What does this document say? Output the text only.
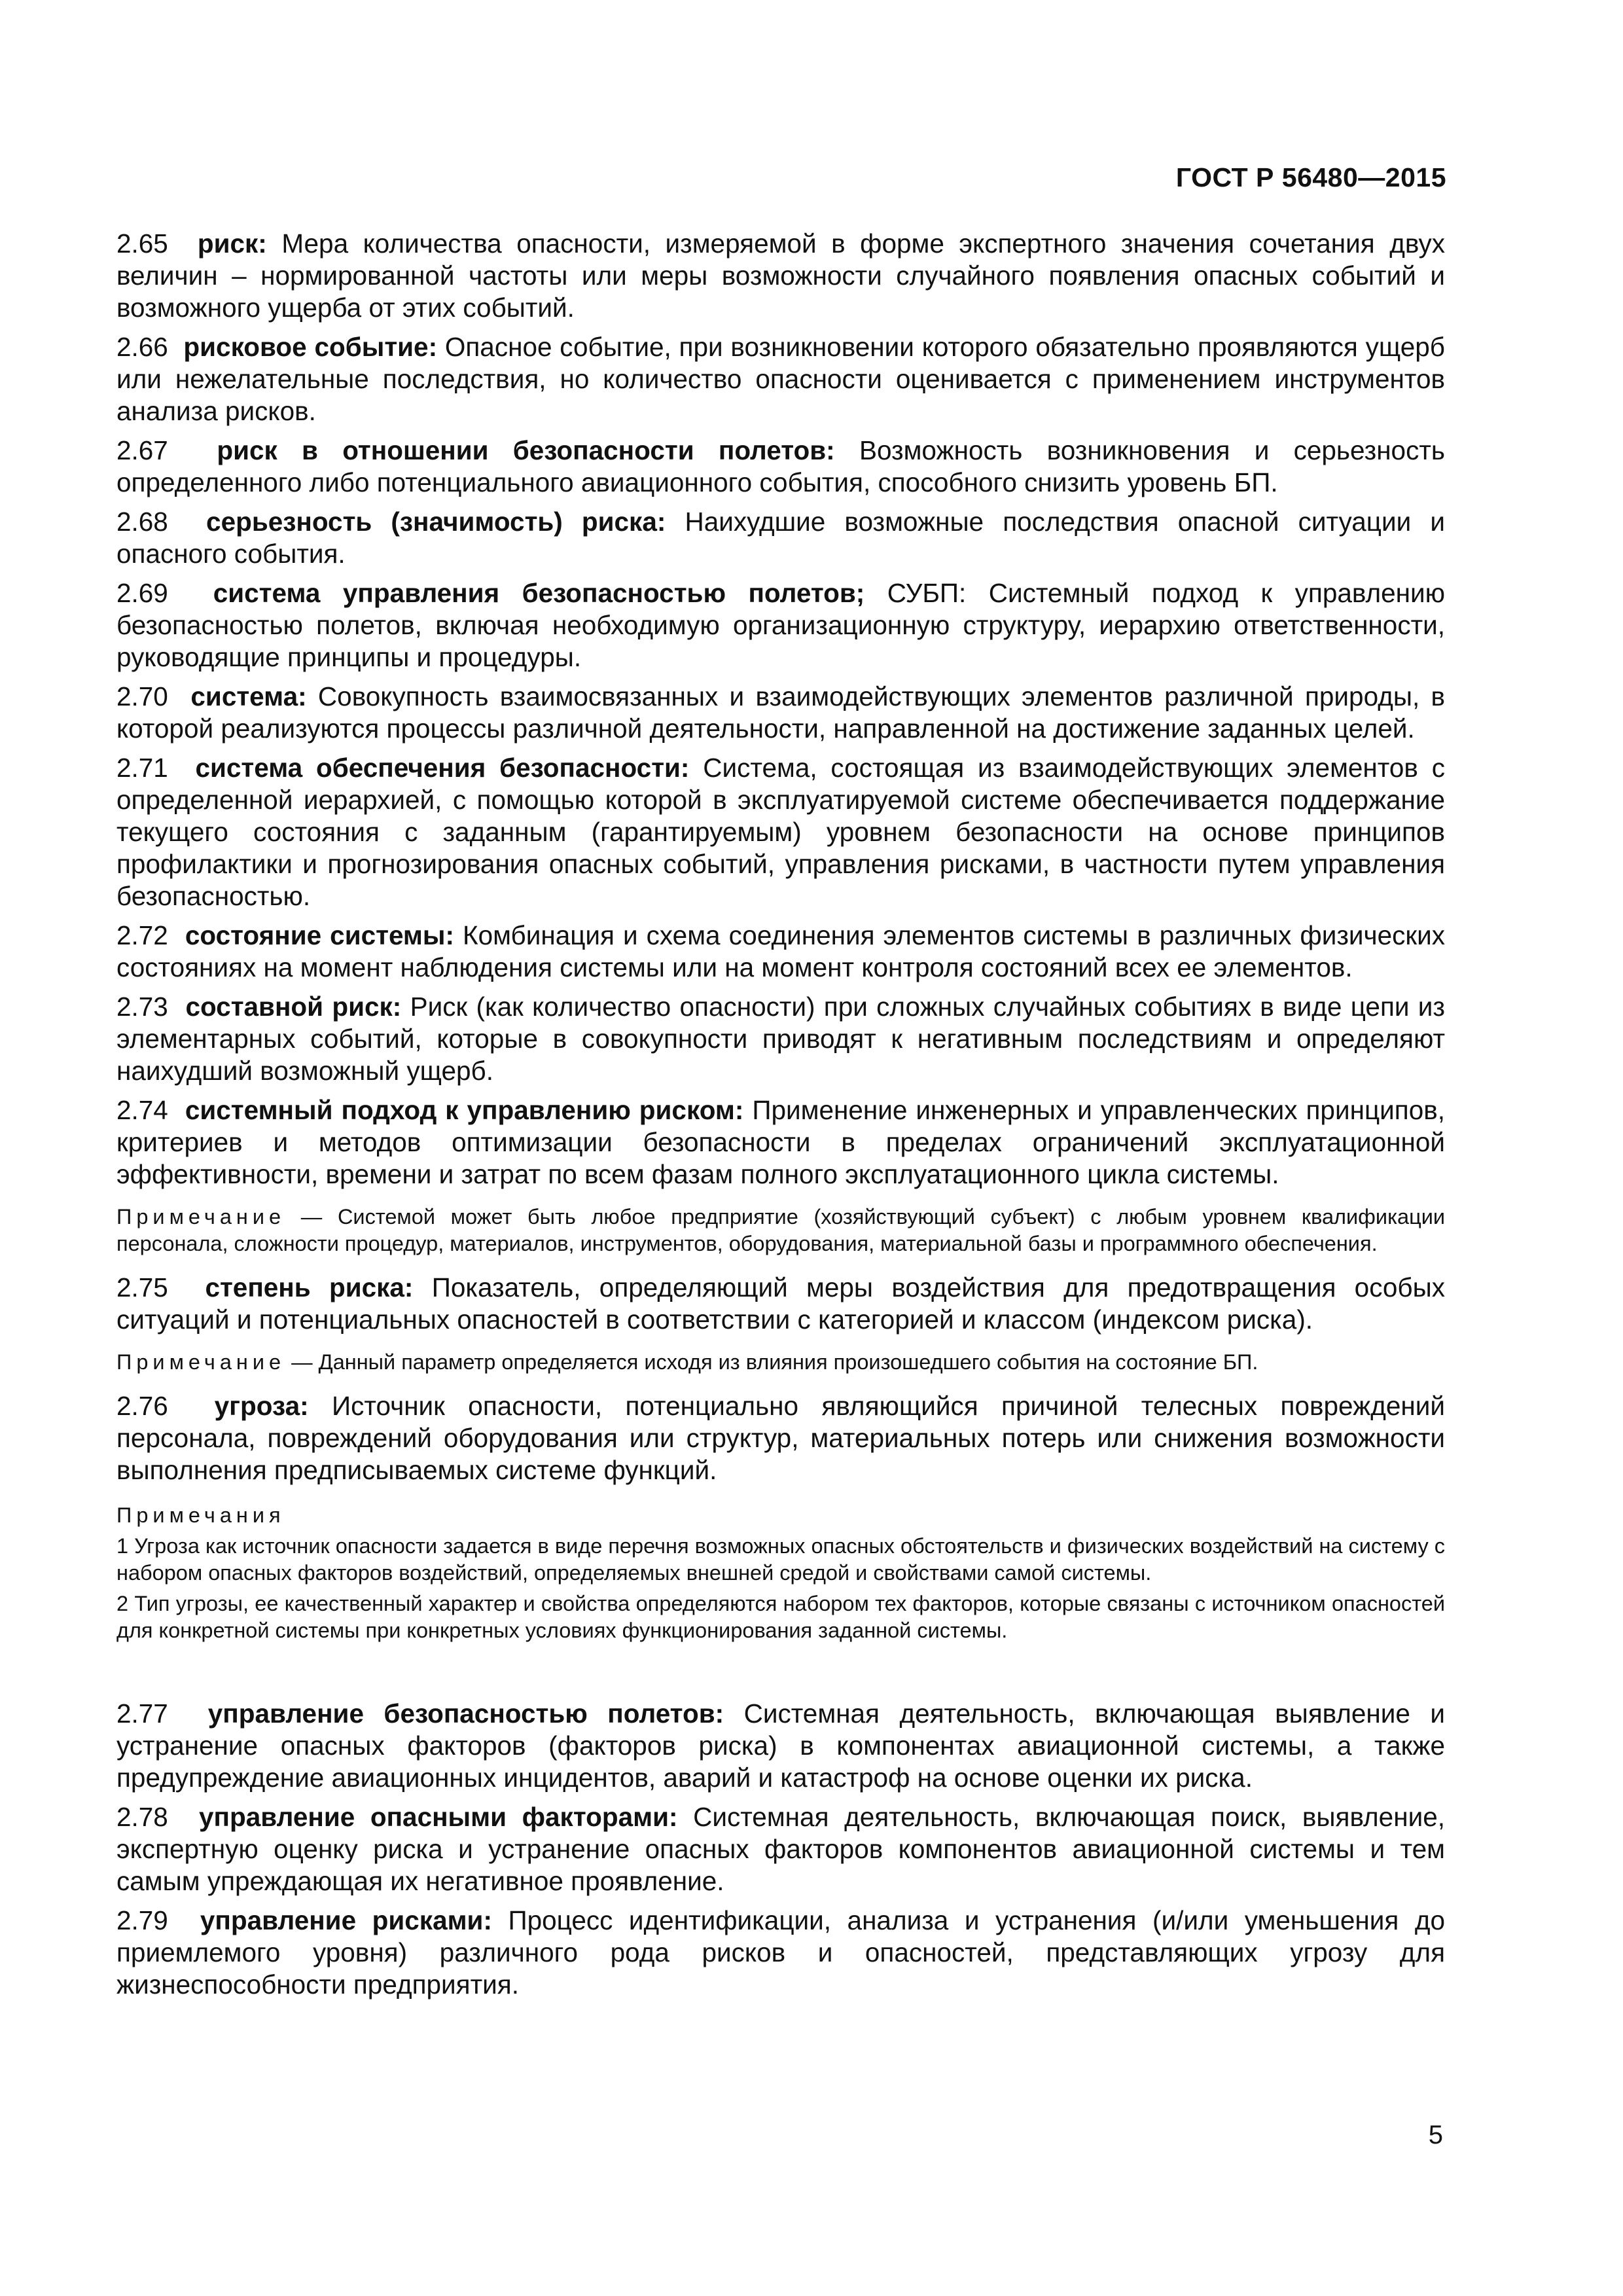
ГОСТ Р 56480—2015
2.65 риск: Мера количества опасности, измеряемой в форме экспертного значения сочетания двух величин – нормированной частоты или меры возможности случайного появления опасных событий и возможного ущерба от этих событий.
2.66 рисковое событие: Опасное событие, при возникновении которого обязательно проявляются ущерб или нежелательные последствия, но количество опасности оценивается с применением инструментов анализа рисков.
2.67 риск в отношении безопасности полетов: Возможность возникновения и серьезность определенного либо потенциального авиационного события, способного снизить уровень БП.
2.68 серьезность (значимость) риска: Наихудшие возможные последствия опасной ситуации и опасного события.
2.69 система управления безопасностью полетов; СУБП: Системный подход к управлению безопасностью полетов, включая необходимую организационную структуру, иерархию ответственности, руководящие принципы и процедуры.
2.70 система: Совокупность взаимосвязанных и взаимодействующих элементов различной природы, в которой реализуются процессы различной деятельности, направленной на достижение заданных целей.
2.71 система обеспечения безопасности: Система, состоящая из взаимодействующих элементов с определенной иерархией, с помощью которой в эксплуатируемой системе обеспечивается поддержание текущего состояния с заданным (гарантируемым) уровнем безопасности на основе принципов профилактики и прогнозирования опасных событий, управления рисками, в частности путем управления безопасностью.
2.72 состояние системы: Комбинация и схема соединения элементов системы в различных физических состояниях на момент наблюдения системы или на момент контроля состояний всех ее элементов.
2.73 составной риск: Риск (как количество опасности) при сложных случайных событиях в виде цепи из элементарных событий, которые в совокупности приводят к негативным последствиям и определяют наихудший возможный ущерб.
2.74 системный подход к управлению риском: Применение инженерных и управленческих принципов, критериев и методов оптимизации безопасности в пределах ограничений эксплуатационной эффективности, времени и затрат по всем фазам полного эксплуатационного цикла системы.
Примечание — Системой может быть любое предприятие (хозяйствующий субъект) с любым уровнем квалификации персонала, сложности процедур, материалов, инструментов, оборудования, материальной базы и программного обеспечения.
2.75 степень риска: Показатель, определяющий меры воздействия для предотвращения особых ситуаций и потенциальных опасностей в соответствии с категорией и классом (индексом риска).
Примечание — Данный параметр определяется исходя из влияния произошедшего события на состояние БП.
2.76 угроза: Источник опасности, потенциально являющийся причиной телесных повреждений персонала, повреждений оборудования или структур, материальных потерь или снижения возможности выполнения предписываемых системе функций.
Примечания

1 Угроза как источник опасности задается в виде перечня возможных опасных обстоятельств и физических воздействий на систему с набором опасных факторов воздействий, определяемых внешней средой и свойствами самой системы.

2 Тип угрозы, ее качественный характер и свойства определяются набором тех факторов, которые связаны с источником опасностей для конкретной системы при конкретных условиях функционирования заданной системы.

2.77 управление безопасностью полетов: Системная деятельность, включающая выявление и устранение опасных факторов (факторов риска) в компонентах авиационной системы, а также предупреждение авиационных инцидентов, аварий и катастроф на основе оценки их риска.
2.78 управление опасными факторами: Системная деятельность, включающая поиск, выявление, экспертную оценку риска и устранение опасных факторов компонентов авиационной системы и тем самым упреждающая их негативное проявление.
2.79 управление рисками: Процесс идентификации, анализа и устранения (и/или уменьшения до приемлемого уровня) различного рода рисков и опасностей, представляющих угрозу для жизнеспособности предприятия.
5
